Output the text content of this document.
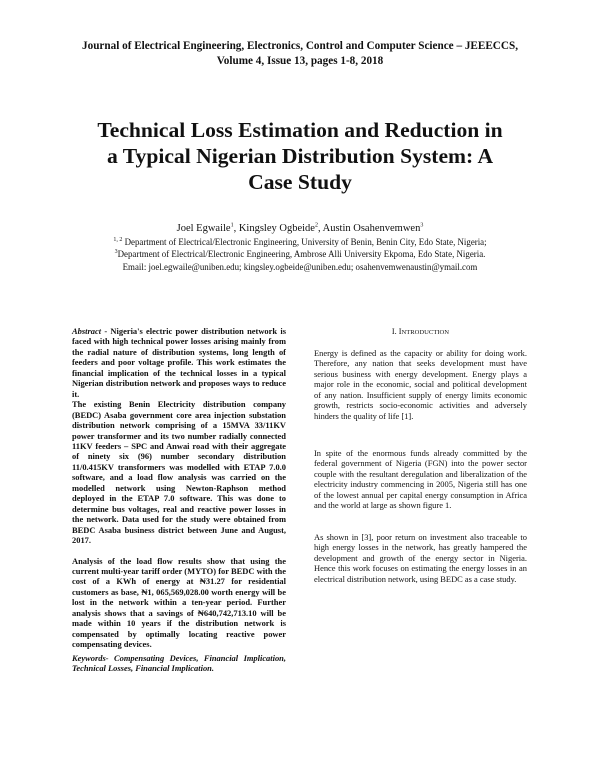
Journal of Electrical Engineering, Electronics, Control and Computer Science – JEEECCS,
Volume 4, Issue 13, pages 1-8, 2018
Technical Loss Estimation and Reduction in
a Typical Nigerian Distribution System: A
Case Study
Joel Egwaile$^1$, Kingsley Ogbeide$^2$, Austin Osahenvemwen$^3$
$^{1, 2}$ Department of Electrical/Electronic Engineering, University of Benin, Benin City, Edo State, Nigeria;
$^3$Department of Electrical/Electronic Engineering, Ambrose Alli University Ekpoma, Edo State, Nigeria.
Email: joel.egwaile@uniben.edu; kingsley.ogbeide@uniben.edu; osahenvemwenaustin@ymail.com

Abstract - Nigeria's electric power distribution network is faced with high technical power losses arising mainly from the radial nature of distribution systems, long length of feeders and poor voltage profile. This work estimates the financial implication of the technical losses in a typical Nigerian distribution network and proposes ways to reduce it.

The existing Benin Electricity distribution company (BEDC) Asaba government core area injection substation distribution network comprising of a 15MVA 33/11KV power transformer and its two number radially connected 11KV feeders – SPC and Anwai road with their aggregate of ninety six (96) number secondary distribution 11/0.415KV transformers was modelled with ETAP 7.0.0 software, and a load flow analysis was carried on the modelled network using Newton-Raphson method deployed in the ETAP 7.0 software. This was done to determine bus voltages, real and reactive power losses in the network. Data used for the study were obtained from BEDC Asaba business district between June and August, 2017.

Analysis of the load flow results show that using the current multi-year tariff order (MYTO) for BEDC with the cost of a KWh of energy at ₦31.27 for residential customers as base, ₦1, 065,569,028.00 worth energy will be lost in the network within a ten-year period. Further analysis shows that a savings of ₦640,742,713.10 will be made within 10 years if the distribution network is compensated by optimally locating reactive power compensating devices.

Keywords- Compensating Devices, Financial Implication, Technical Losses, Financial Implication.
I. INTRODUCTION
Energy is defined as the capacity or ability for doing work. Therefore, any nation that seeks development must have serious business with energy development. Energy plays a major role in the economic, social and political development of any nation. Insufficient supply of energy limits economic growth, restricts socio-economic activities and adversely hinders the quality of life [1].
In spite of the enormous funds already committed by the federal government of Nigeria (FGN) into the power sector couple with the resultant deregulation and liberalization of the electricity industry commencing in 2005, Nigeria still has one of the lowest annual per capital energy consumption in Africa and the world at large as shown figure 1.
As shown in [3], poor return on investment also traceable to high energy losses in the network, has greatly hampered the development and growth of the energy sector in Nigeria. Hence this work focuses on estimating the energy losses in an electrical distribution network, using BEDC as a case study.
